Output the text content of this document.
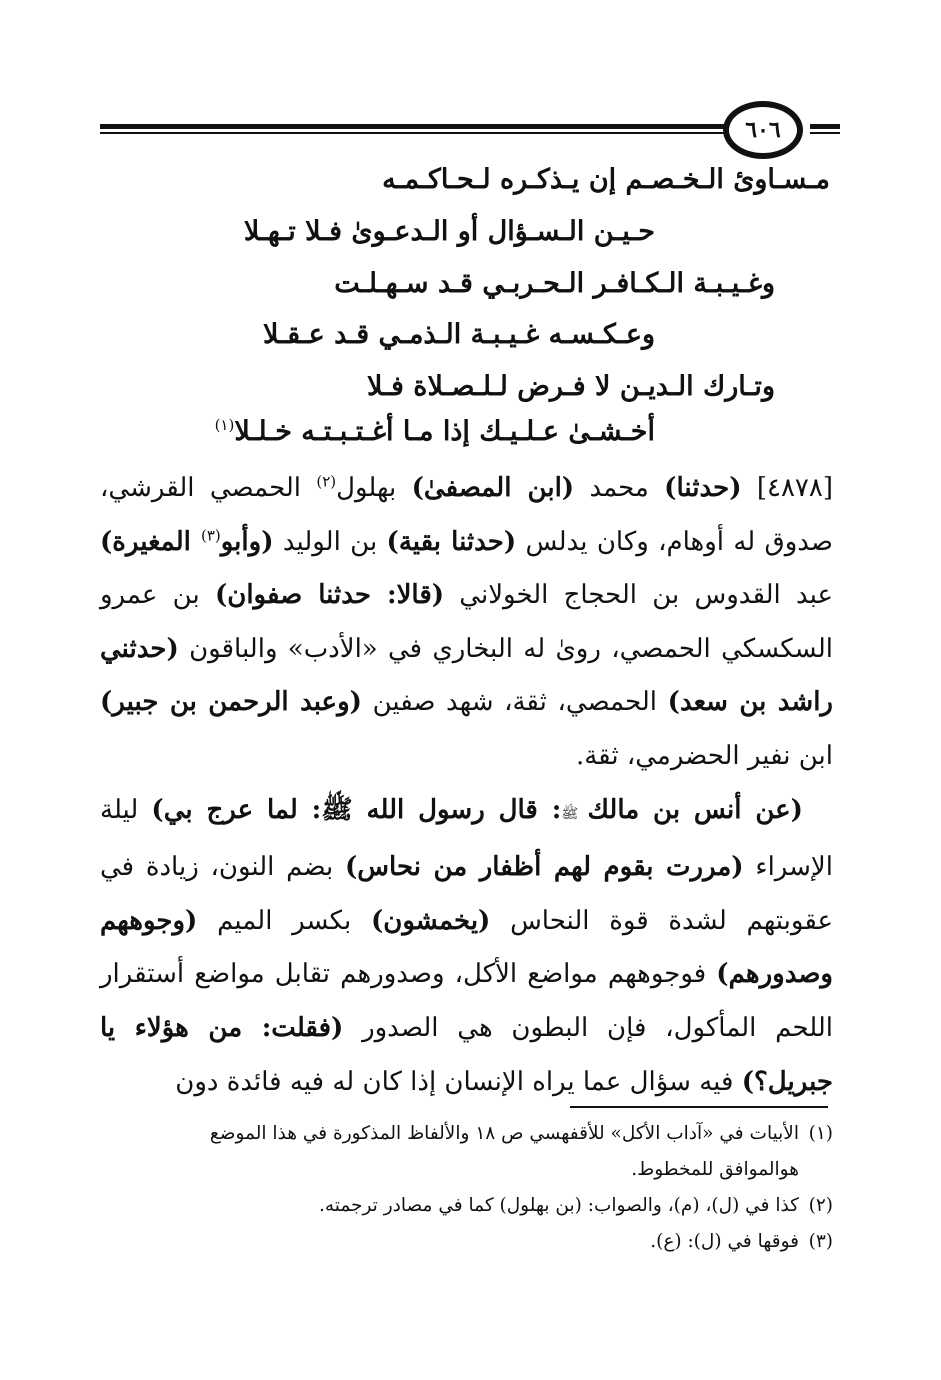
٦٠٦
مـسـاوئ الـخـصـم إن يـذكـره لـحـاكـمـه
حـيـن الـسـؤال أو الـدعـوىٰ فـلا تـهـلا
وغـيـبـة الـكـافـر الـحـربـي قـد سـهـلـت
وعـكـسـه غـيـبـة الـذمـي قـد عـقـلا
وتـارك الـديـن لا فـرض لـلـصـلاة فـلا
أخـشـىٰ عـلـيـك إذا مـا أغـتـبـتـه خـلـلا$^{(١)}$

[٤٨٧٨] (حدثنا) محمد (ابن المصفىٰ) بهلول$^{(٢)}$ الحمصي القرشي، صدوق له أوهام، وكان يدلس (حدثنا بقية) بن الوليد (وأبو$^{(٣)}$ المغيرة) عبد القدوس بن الحجاج الخولاني (قالا: حدثنا صفوان) بن عمرو السكسكي الحمصي، روىٰ له البخاري في «الأدب» والباقون (حدثني راشد بن سعد) الحمصي، ثقة، شهد صفين (وعبد الرحمن بن جبير) ابن نفير الحضرمي، ثقة.

(عن أنس بن مالك ﷺ: قال رسول الله ﷺ: لما عرج بي) ليلة الإسراء (مررت بقوم لهم أظفار من نحاس) بضم النون، زيادة في عقوبتهم لشدة قوة النحاس (يخمشون) بكسر الميم (وجوههم وصدورهم) فوجوههم مواضع الأكل، وصدورهم تقابل مواضع أستقرار اللحم المأكول، فإن البطون هي الصدور (فقلت: من هؤلاء يا جبريل؟) فيه سؤال عما يراه الإنسان إذا كان له فيه فائدة دون

(١)الأبيات في «آداب الأكل» للأقفهسي ص ١٨ والألفاظ المذكورة في هذا الموضع

هوالموافق للمخطوط.

(٢)كذا في (ل)، (م)، والصواب: (بن بهلول) كما في مصادر ترجمته.

(٣)فوقها في (ل): (ع).
